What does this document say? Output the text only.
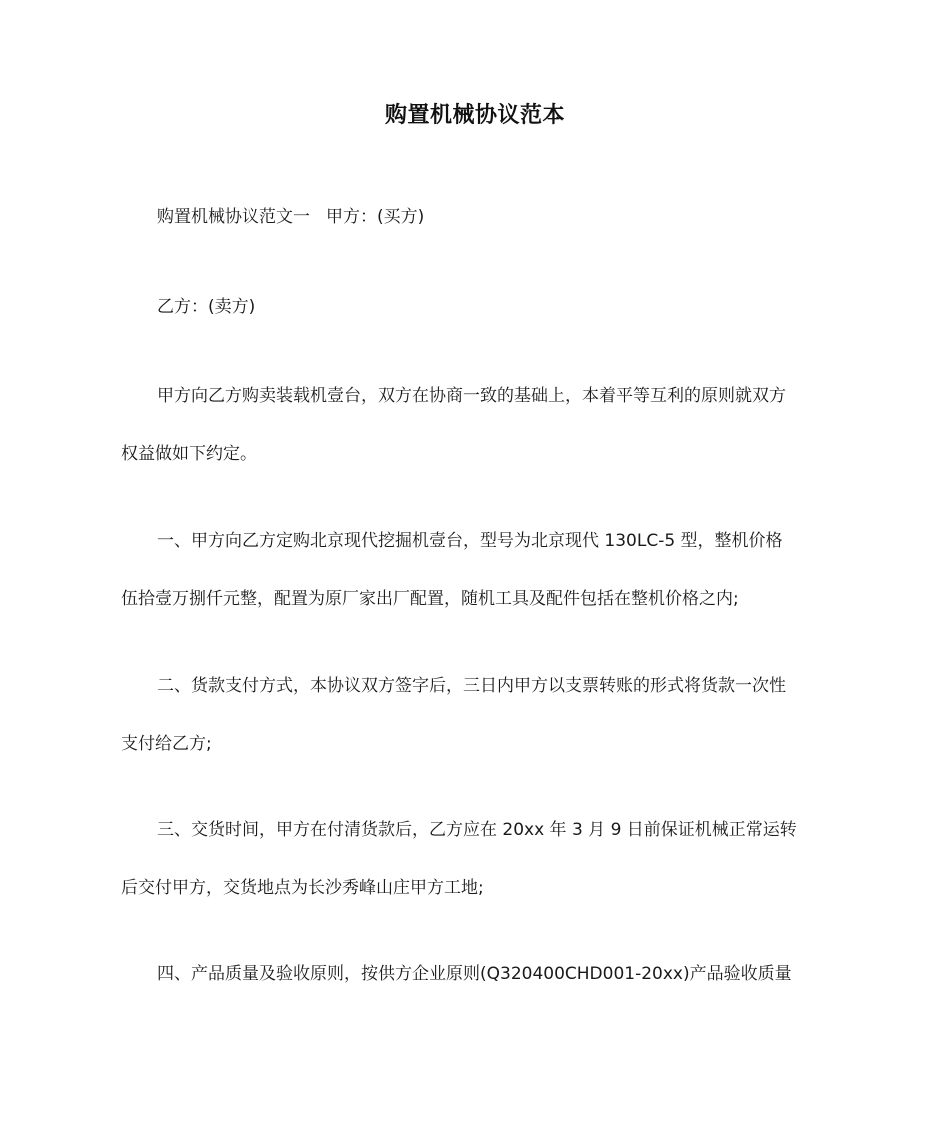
购置机械协议范本
购置机械协议范文一 甲方：(买方)
乙方：(卖方)
甲方向乙方购卖装载机壹台，双方在协商一致的基础上，本着平等互利的原则就双方
权益做如下约定。
一、甲方向乙方定购北京现代挖掘机壹台，型号为北京现代 130LC-5 型，整机价格
伍拾壹万捌仟元整，配置为原厂家出厂配置，随机工具及配件包括在整机价格之内;
二、货款支付方式，本协议双方签字后，三日内甲方以支票转账的形式将货款一次性
支付给乙方;
三、交货时间，甲方在付清货款后，乙方应在 20xx 年 3 月 9 日前保证机械正常运转
后交付甲方，交货地点为长沙秀峰山庄甲方工地;
四、产品质量及验收原则，按供方企业原则(Q320400CHD001-20xx)产品验收质量
